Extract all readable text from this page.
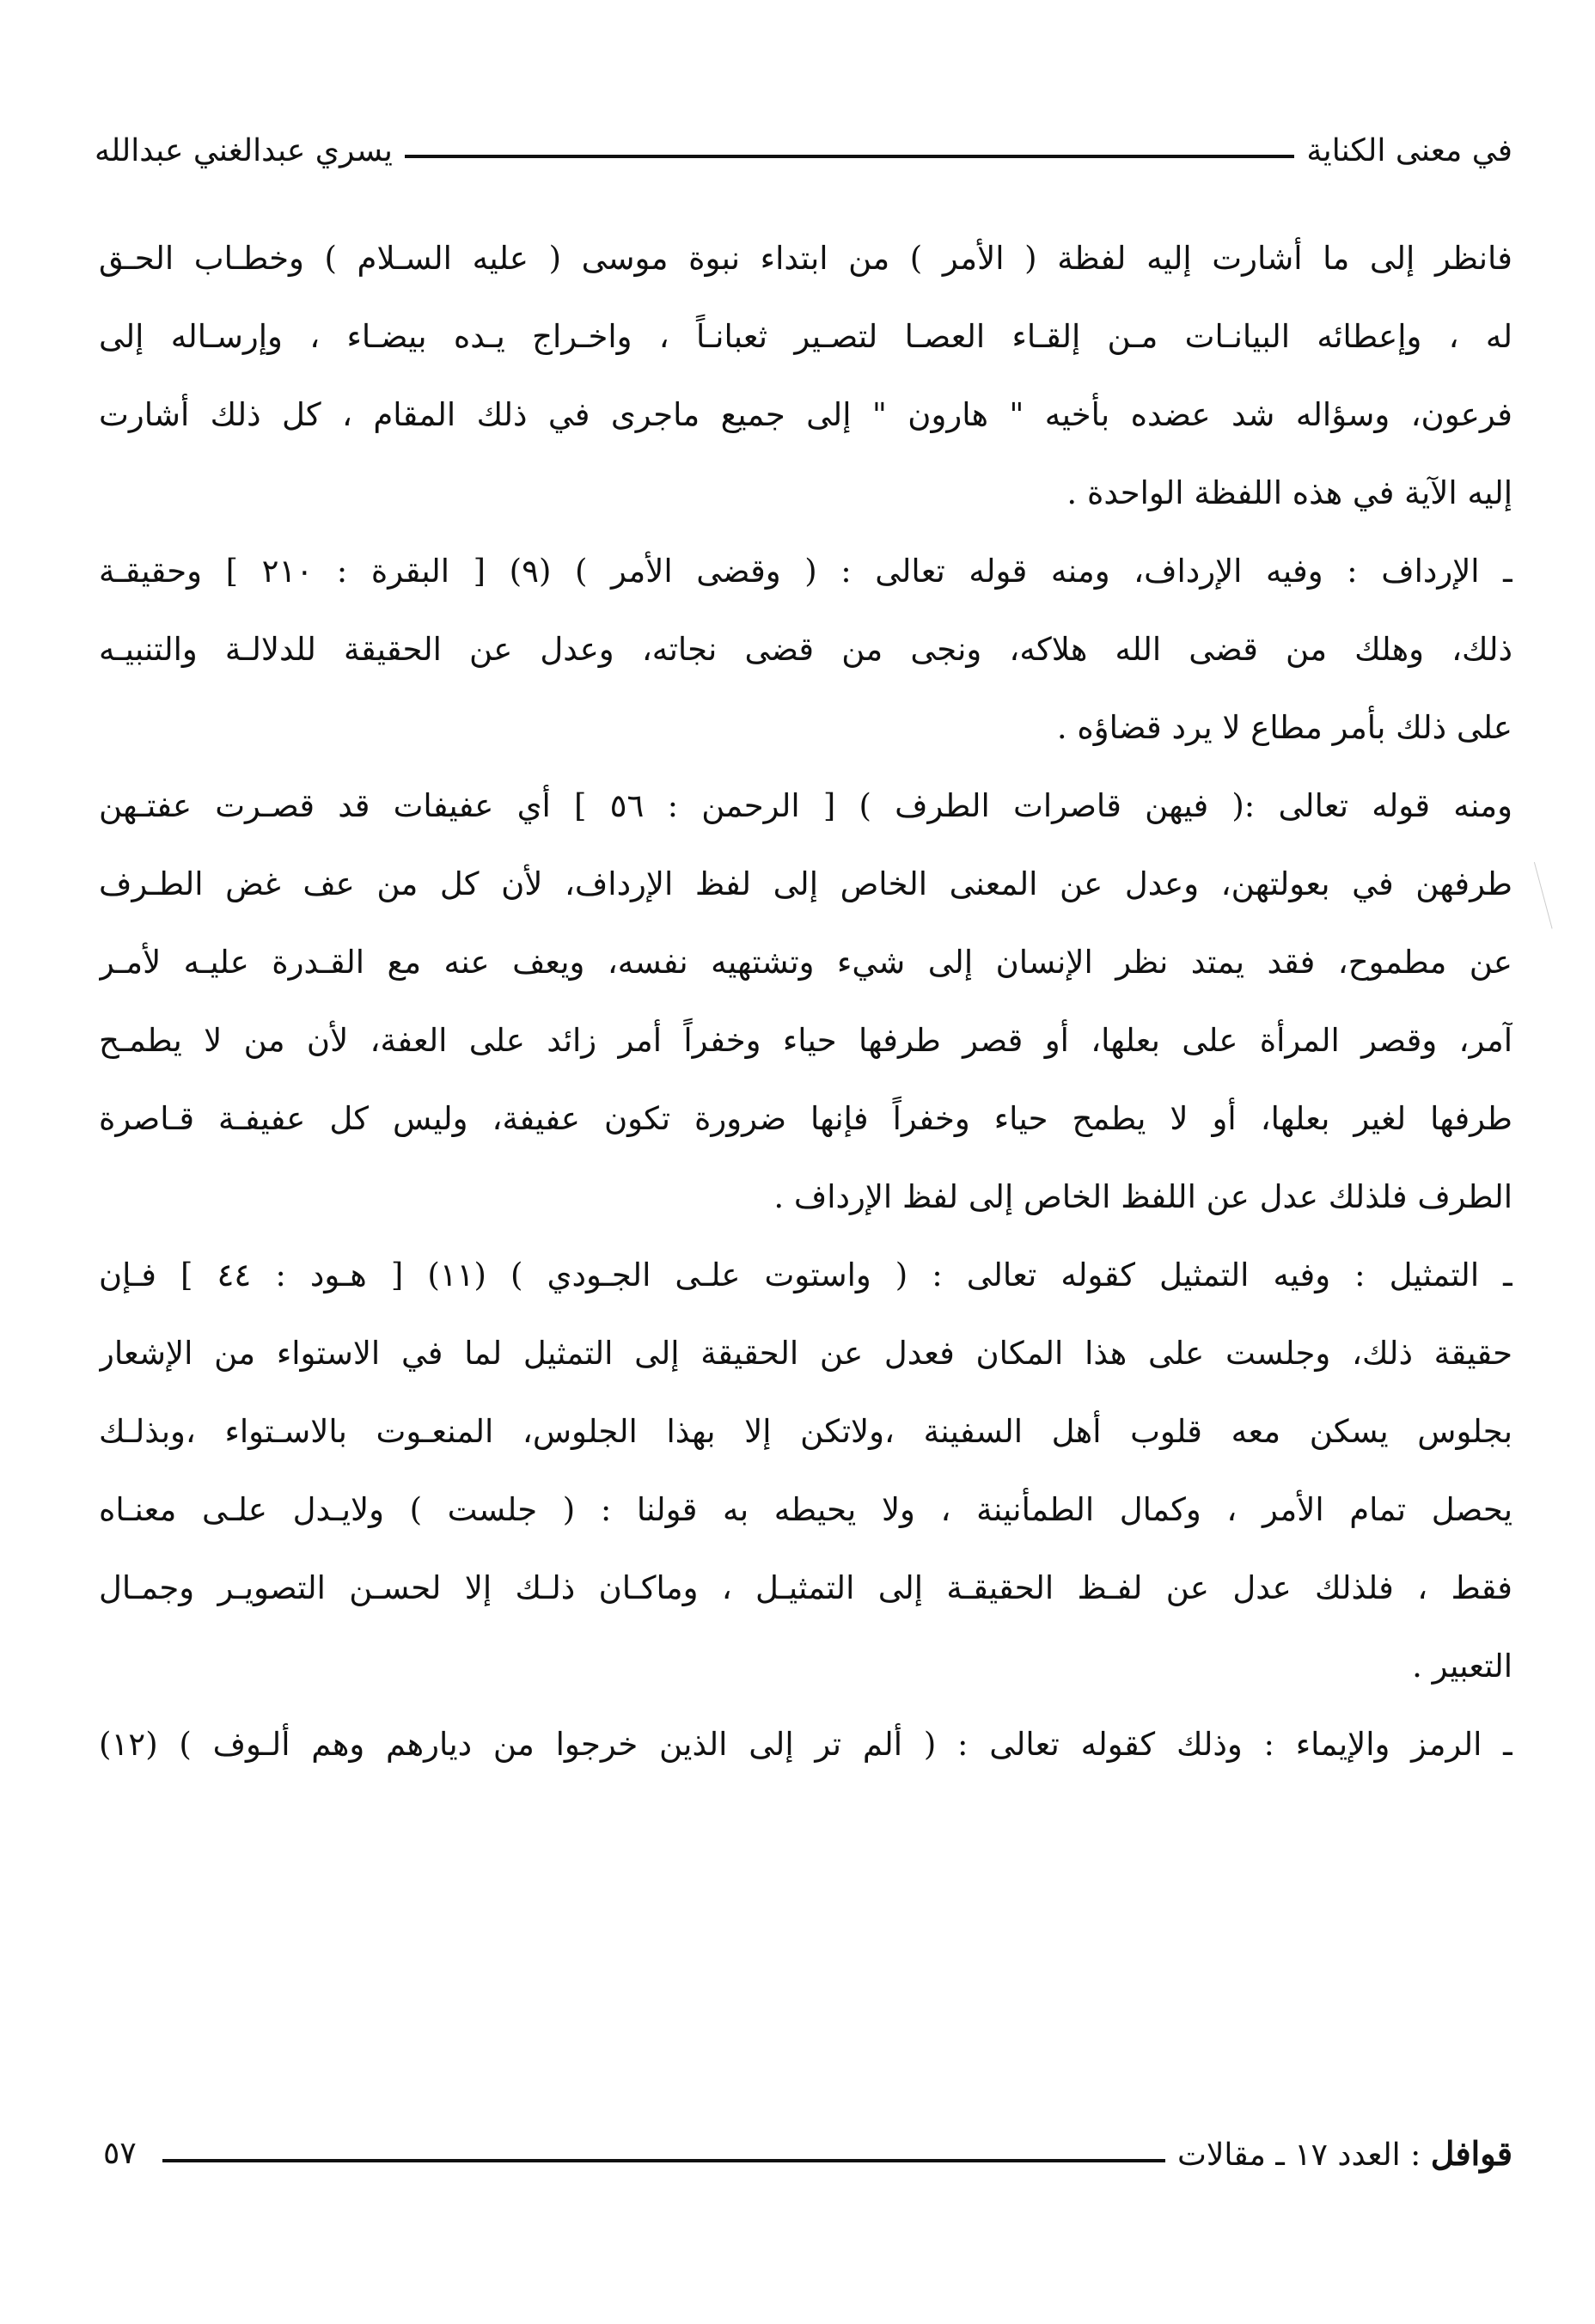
في معنى الكناية
يسري عبدالغني عبدالله
فانظر إلى ما أشارت إليه لفظة ( الأمر ) من ابتداء نبوة موسى ( عليه السـلام ) وخطـاب الحـق
له ، وإعطائه البيانـات مـن إلقـاء العصـا لتصـير ثعبانـاً ، واخـراج يـده بيضـاء ، وإرسـاله إلى
فرعون، وسؤاله شد عضده بأخيه " هارون " إلى جميع ماجرى في ذلك المقام ، كل ذلك أشارت
إليه الآية في هذه اللفظة الواحدة .
ـ الإرداف : وفيه الإرداف، ومنه قوله تعالى : ( وقضى الأمر ) (٩) [ البقرة : ٢١٠ ] وحقيقـة
ذلك، وهلك من قضى الله هلاكه، ونجى من قضى نجاته، وعدل عن الحقيقة للدلالـة والتنبيـه
على ذلك بأمر مطاع لا يرد قضاؤه .
ومنه قوله تعالى :( فيهن قاصرات الطرف ) [ الرحمن : ٥٦ ] أي عفيفات قد قصـرت عفتـهن
طرفهن في بعولتهن، وعدل عن المعنى الخاص إلى لفظ الإرداف، لأن كل من عف غض الطـرف
عن مطموح، فقد يمتد نظر الإنسان إلى شيء وتشتهيه نفسه، ويعف عنه مع القـدرة عليـه لأمـر
آمر، وقصر المرأة على بعلها، أو قصر طرفها حياء وخفراً أمر زائد على العفة، لأن من لا يطمـح
طرفها لغير بعلها، أو لا يطمح حياء وخفراً فإنها ضرورة تكون عفيفة، وليس كل عفيفـة قـاصرة
الطرف فلذلك عدل عن اللفظ الخاص إلى لفظ الإرداف .
ـ التمثيل : وفيه التمثيل كقوله تعالى : ( واستوت علـى الجـودي ) (١١) [ هـود : ٤٤ ] فـإن
حقيقة ذلك، وجلست على هذا المكان فعدل عن الحقيقة إلى التمثيل لما في الاستواء من الإشعار
بجلوس يسكن معه قلوب أهل السفينة ،ولاتكن إلا بهذا الجلوس، المنعـوت بالاسـتواء ،وبذلـك
يحصل تمام الأمر ، وكمال الطمأنينة ، ولا يحيطه به قولنا : ( جلست ) ولايـدل علـى معنـاه
فقط ، فلذلك عدل عن لفـظ الحقيقـة إلى التمثيـل ، وماكـان ذلـك إلا لحسـن التصويـر وجمـال
التعبير .
ـ الرمز والإيماء : وذلك كقوله تعالى : ( ألم تر إلى الذين خرجوا من ديارهم وهم ألـوف ) (١٢)
قوافل : العدد ١٧ ـ مقالات
٥٧
